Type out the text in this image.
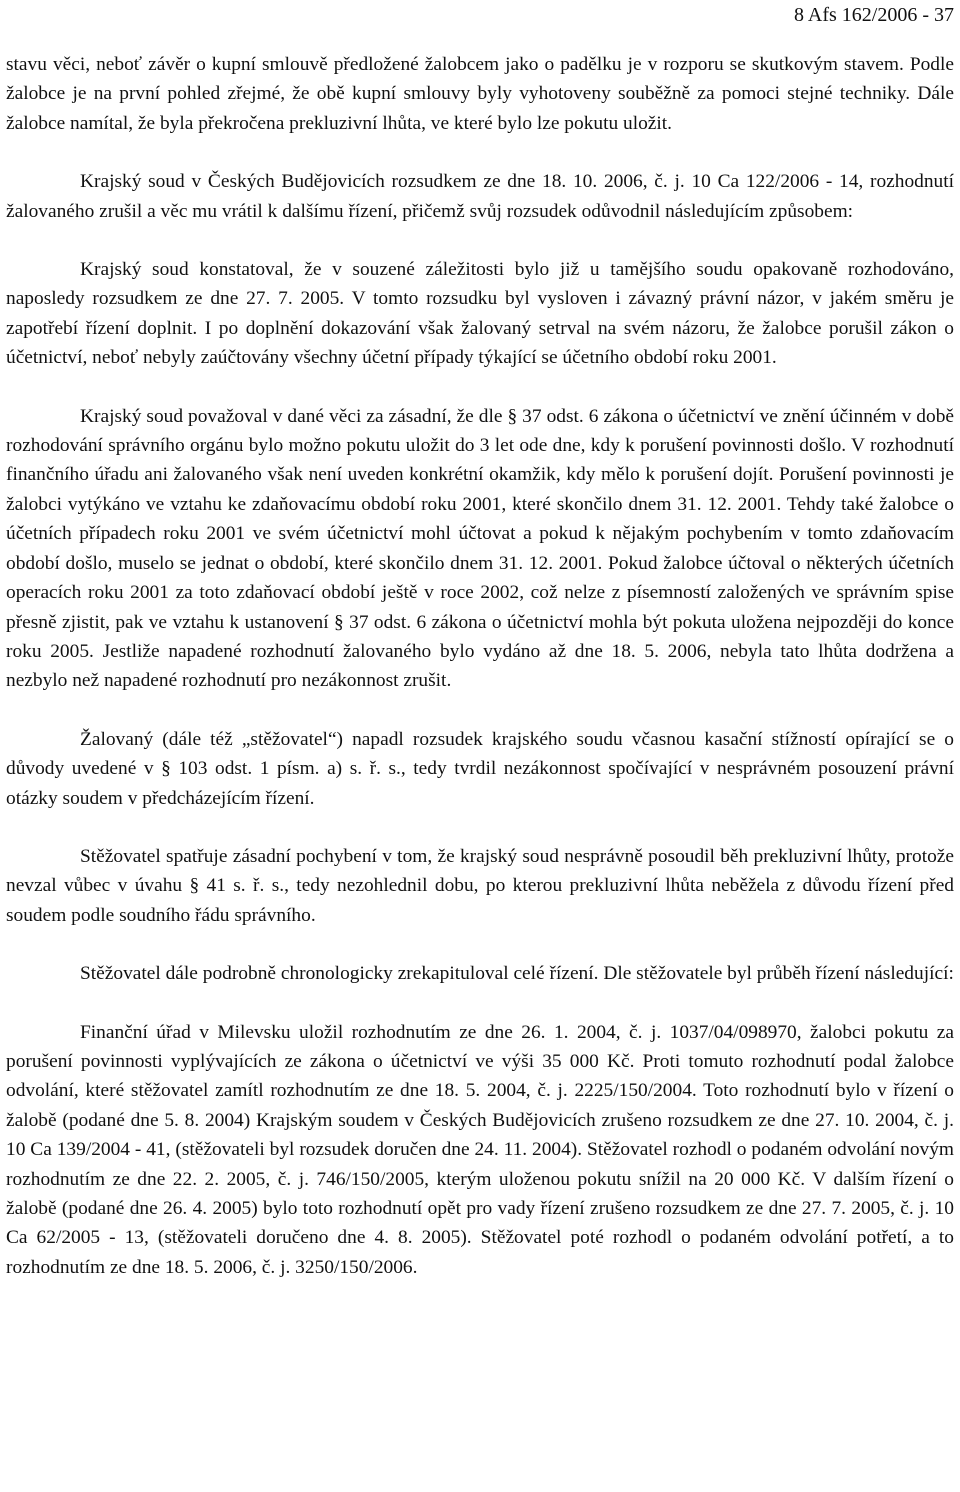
8 Afs 162/2006 - 37

stavu věci, neboť závěr o kupní smlouvě předložené žalobcem jako o padělku je v rozporu se skutkovým stavem. Podle žalobce je na první pohled zřejmé, že obě kupní smlouvy byly vyhotoveny souběžně za pomoci stejné techniky. Dále žalobce namítal, že byla překročena prekluzivní lhůta, ve které bylo lze pokutu uložit.

Krajský soud v Českých Budějovicích rozsudkem ze dne 18. 10. 2006, č. j. 10 Ca 122/2006 - 14, rozhodnutí žalovaného zrušil a věc mu vrátil k dalšímu řízení, přičemž svůj rozsudek odůvodnil následujícím způsobem:

Krajský soud konstatoval, že v souzené záležitosti bylo již u tamějšího soudu opakovaně rozhodováno, naposledy rozsudkem ze dne 27. 7. 2005. V tomto rozsudku byl vysloven i závazný právní názor, v jakém směru je zapotřebí řízení doplnit. I po doplnění dokazování však žalovaný setrval na svém názoru, že žalobce porušil zákon o účetnictví, neboť nebyly zaúčtovány všechny účetní případy týkající se účetního období roku 2001.

Krajský soud považoval v dané věci za zásadní, že dle § 37 odst. 6 zákona o účetnictví ve znění účinném v době rozhodování správního orgánu bylo možno pokutu uložit do 3 let ode dne, kdy k porušení povinnosti došlo. V rozhodnutí finančního úřadu ani žalovaného však není uveden konkrétní okamžik, kdy mělo k porušení dojít. Porušení povinnosti je žalobci vytýkáno ve vztahu ke zdaňovacímu období roku 2001, které skončilo dnem 31. 12. 2001. Tehdy také žalobce o účetních případech roku 2001 ve svém účetnictví mohl účtovat a pokud k nějakým pochybením v tomto zdaňovacím období došlo, muselo se jednat o období, které skončilo dnem 31. 12. 2001. Pokud žalobce účtoval o některých účetních operacích roku 2001 za toto zdaňovací období ještě v roce 2002, což nelze z písemností založených ve správním spise přesně zjistit, pak ve vztahu k ustanovení § 37 odst. 6 zákona o účetnictví mohla být pokuta uložena nejpozději do konce roku 2005. Jestliže napadené rozhodnutí žalovaného bylo vydáno až dne 18. 5. 2006, nebyla tato lhůta dodržena a nezbylo než napadené rozhodnutí pro nezákonnost zrušit.

Žalovaný (dále též „stěžovatel“) napadl rozsudek krajského soudu včasnou kasační stížností opírající se o důvody uvedené v § 103 odst. 1 písm. a) s. ř. s., tedy tvrdil nezákonnost spočívající v nesprávném posouzení právní otázky soudem v předcházejícím řízení.

Stěžovatel spatřuje zásadní pochybení v tom, že krajský soud nesprávně posoudil běh prekluzivní lhůty, protože nevzal vůbec v úvahu § 41 s. ř. s., tedy nezohlednil dobu, po kterou prekluzivní lhůta neběžela z důvodu řízení před soudem podle soudního řádu správního.

Stěžovatel dále podrobně chronologicky zrekapituloval celé řízení. Dle stěžovatele byl průběh řízení následující:

Finanční úřad v Milevsku uložil rozhodnutím ze dne 26. 1. 2004, č. j. 1037/04/098970, žalobci pokutu za porušení povinnosti vyplývajících ze zákona o účetnictví ve výši 35 000 Kč. Proti tomuto rozhodnutí podal žalobce odvolání, které stěžovatel zamítl rozhodnutím ze dne 18. 5. 2004, č. j. 2225/150/2004. Toto rozhodnutí bylo v řízení o žalobě (podané dne 5. 8. 2004) Krajským soudem v Českých Budějovicích zrušeno rozsudkem ze dne 27. 10. 2004, č. j. 10 Ca 139/2004 - 41, (stěžovateli byl rozsudek doručen dne 24. 11. 2004). Stěžovatel rozhodl o podaném odvolání novým rozhodnutím ze dne 22. 2. 2005, č. j. 746/150/2005, kterým uloženou pokutu snížil na 20 000 Kč. V dalším řízení o žalobě (podané dne 26. 4. 2005) bylo toto rozhodnutí opět pro vady řízení zrušeno rozsudkem ze dne 27. 7. 2005, č. j. 10 Ca 62/2005 - 13, (stěžovateli doručeno dne 4. 8. 2005). Stěžovatel poté rozhodl o podaném odvolání potřetí, a to rozhodnutím ze dne 18. 5. 2006, č. j. 3250/150/2006.
